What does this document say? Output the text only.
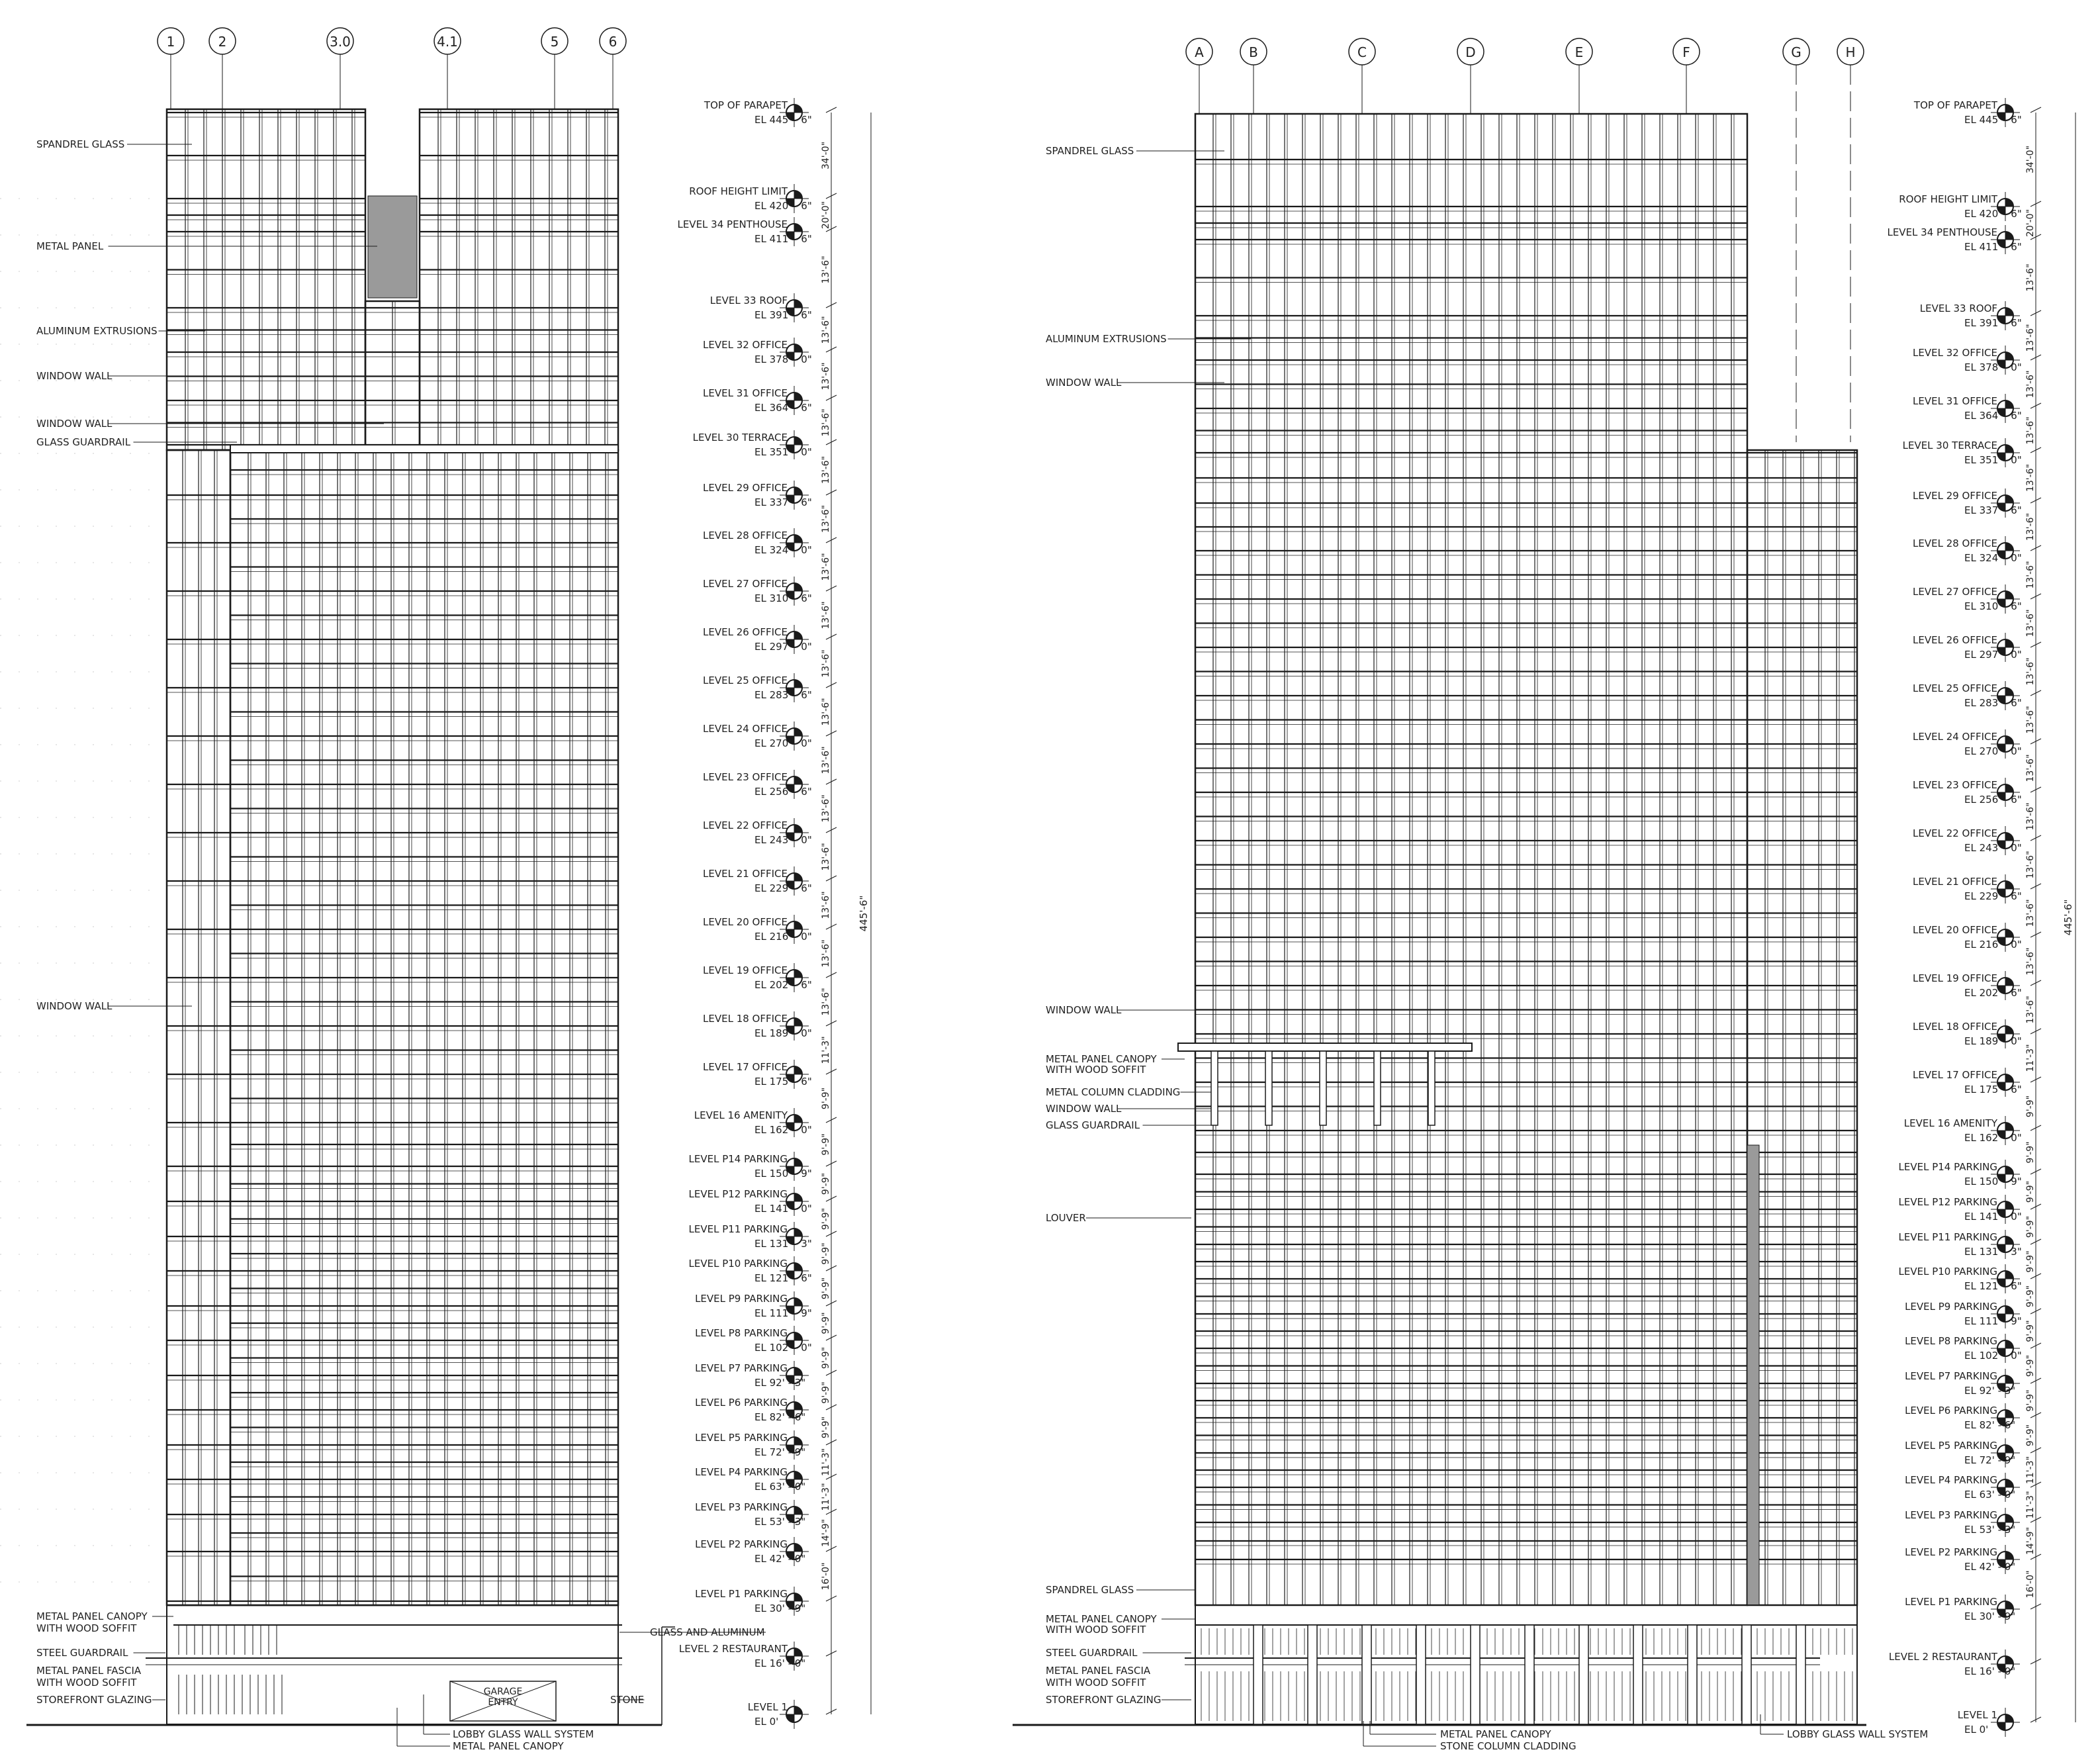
1	2	3.0	4.1	5	6
A	B	C	D	E	F	G	H
GARAGE
ENTRY
TOP OF PARAPET
EL 445' - 6"
ROOF HEIGHT LIMIT
EL 420' - 6"
LEVEL 34 PENTHOUSE
EL 411' - 6"
LEVEL 33 ROOF
EL 391' - 6"
LEVEL 32 OFFICE
EL 378' - 0"
LEVEL 31 OFFICE
EL 364' - 6"
LEVEL 30 TERRACE
EL 351' - 0"
LEVEL 29 OFFICE
EL 337' - 6"
LEVEL 28 OFFICE
EL 324' - 0"
LEVEL 27 OFFICE
EL 310' - 6"
LEVEL 26 OFFICE
EL 297' - 0"
LEVEL 25 OFFICE
EL 283' - 6"
LEVEL 24 OFFICE
EL 270' - 0"
LEVEL 23 OFFICE
EL 256' - 6"
LEVEL 22 OFFICE
EL 243' - 0"
LEVEL 21 OFFICE
EL 229' - 6"
LEVEL 20 OFFICE
EL 216' - 0"
LEVEL 19 OFFICE
EL 202' - 6"
LEVEL 18 OFFICE
EL 189' - 0"
LEVEL 17 OFFICE
EL 175' - 6"
LEVEL 16 AMENITY
EL 162' - 0"
LEVEL P14 PARKING
EL 150' - 9"
LEVEL P12 PARKING
EL 141' - 0"
LEVEL P11 PARKING
EL 131' - 3"
LEVEL P10 PARKING
EL 121' - 6"
LEVEL P9 PARKING
EL 111' - 9"
LEVEL P8 PARKING
EL 102' - 0"
LEVEL P7 PARKING
EL 92' - 3"
LEVEL P6 PARKING
EL 82' - 6"
LEVEL P5 PARKING
EL 72' - 9"
LEVEL P4 PARKING
EL 63' - 0"
LEVEL P3 PARKING
EL 53' - 3"
LEVEL P2 PARKING
EL 42' - 0"
LEVEL P1 PARKING
EL 30' - 9"
LEVEL 2 RESTAURANT
EL 16' - 0"
LEVEL 1
EL 0'
34'-0"
20'-0"
13'-6"
13'-6"
13'-6"
13'-6"
13'-6"
13'-6"
13'-6"
13'-6"
13'-6"
13'-6"
13'-6"
13'-6"
13'-6"
13'-6"
13'-6"
13'-6"
11'-3"
9'-9"
9'-9"
9'-9"
9'-9"
9'-9"
9'-9"
9'-9"
9'-9"
9'-9"
9'-9"
11'-3"
11'-3"
14'-9"
16'-0"
445'-6"
TOP OF PARAPET
EL 445' - 6"
ROOF HEIGHT LIMIT
EL 420' - 6"
LEVEL 34 PENTHOUSE
EL 411' - 6"
LEVEL 33 ROOF
EL 391' - 6"
LEVEL 32 OFFICE
EL 378' - 0"
LEVEL 31 OFFICE
EL 364' - 6"
LEVEL 30 TERRACE
EL 351' - 0"
LEVEL 29 OFFICE
EL 337' - 6"
LEVEL 28 OFFICE
EL 324' - 0"
LEVEL 27 OFFICE
EL 310' - 6"
LEVEL 26 OFFICE
EL 297' - 0"
LEVEL 25 OFFICE
EL 283' - 6"
LEVEL 24 OFFICE
EL 270' - 0"
LEVEL 23 OFFICE
EL 256' - 6"
LEVEL 22 OFFICE
EL 243' - 0"
LEVEL 21 OFFICE
EL 229' - 6"
LEVEL 20 OFFICE
EL 216' - 0"
LEVEL 19 OFFICE
EL 202' - 6"
LEVEL 18 OFFICE
EL 189' - 0"
LEVEL 17 OFFICE
EL 175' - 6"
LEVEL 16 AMENITY
EL 162' - 0"
LEVEL P14 PARKING
EL 150' - 9"
LEVEL P12 PARKING
EL 141' - 0"
LEVEL P11 PARKING
EL 131' - 3"
LEVEL P10 PARKING
EL 121' - 6"
LEVEL P9 PARKING
EL 111' - 9"
LEVEL P8 PARKING
EL 102' - 0"
LEVEL P7 PARKING
EL 92' - 3"
LEVEL P6 PARKING
EL 82' - 6"
LEVEL P5 PARKING
EL 72' - 9"
LEVEL P4 PARKING
EL 63' - 0"
LEVEL P3 PARKING
EL 53' - 3"
LEVEL P2 PARKING
EL 42' - 0"
LEVEL P1 PARKING
EL 30' - 9"
LEVEL 2 RESTAURANT
EL 16' - 0"
LEVEL 1
EL 0'
34'-0"
20'-0"
13'-6"
13'-6"
13'-6"
13'-6"
13'-6"
13'-6"
13'-6"
13'-6"
13'-6"
13'-6"
13'-6"
13'-6"
13'-6"
13'-6"
13'-6"
13'-6"
11'-3"
9'-9"
9'-9"
9'-9"
9'-9"
9'-9"
9'-9"
9'-9"
9'-9"
9'-9"
9'-9"
11'-3"
11'-3"
14'-9"
16'-0"
445'-6"
SPANDREL GLASS
METAL PANEL
ALUMINUM EXTRUSIONS
WINDOW WALL
WINDOW WALL
GLASS GUARDRAIL
WINDOW WALL
METAL PANEL CANOPY
WITH WOOD SOFFIT
STEEL GUARDRAIL
METAL PANEL FASCIA
WITH WOOD SOFFIT
STOREFRONT GLAZING
GLASS AND ALUMINUM
STONE
LOBBY GLASS WALL SYSTEM
METAL PANEL CANOPY
SPANDREL GLASS
ALUMINUM EXTRUSIONS
WINDOW WALL
WINDOW WALL
METAL PANEL CANOPY
WITH WOOD SOFFIT
METAL COLUMN CLADDING
WINDOW WALL
GLASS GUARDRAIL
LOUVER
SPANDREL GLASS
METAL PANEL CANOPY
WITH WOOD SOFFIT
STEEL GUARDRAIL
METAL PANEL FASCIA
WITH WOOD SOFFIT
STOREFRONT GLAZING
METAL PANEL CANOPY
STONE COLUMN CLADDING
LOBBY GLASS WALL SYSTEM
